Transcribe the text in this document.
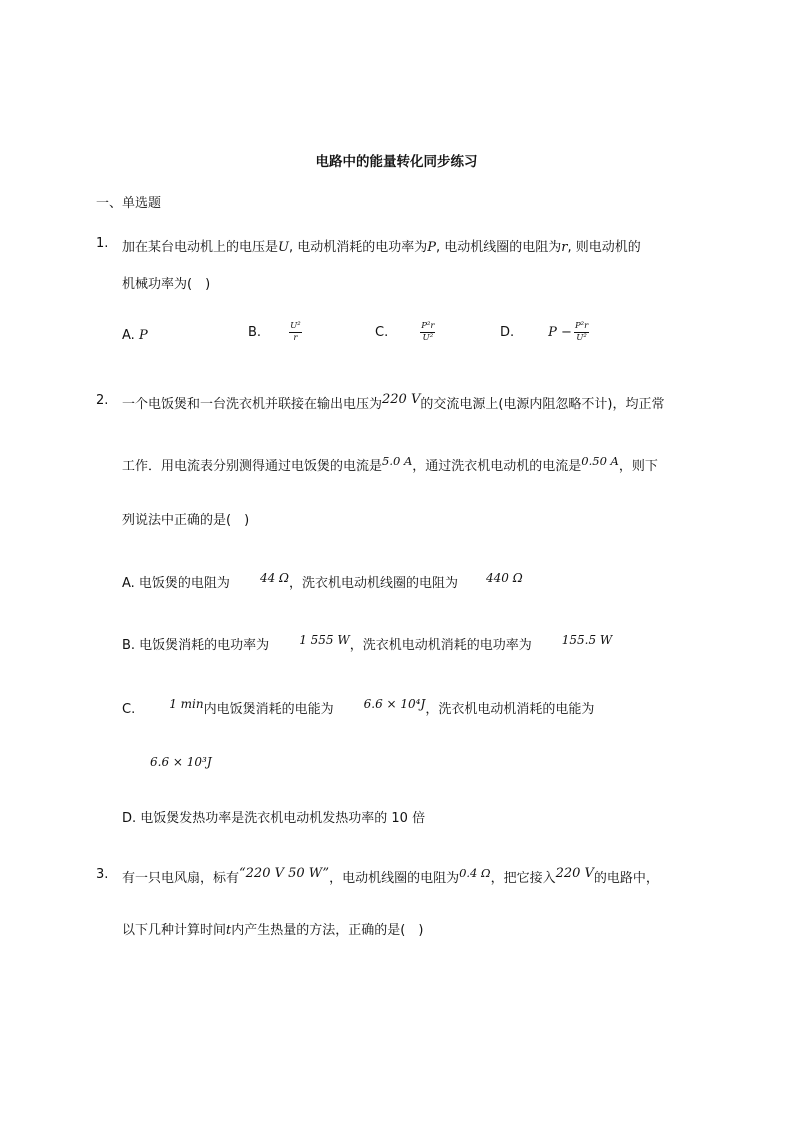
电路中的能量转化同步练习
一、单选题
1. 加在某台电动机上的电压是U, 电动机消耗的电功率为P, 电动机线圈的电阻为r, 则电动机的
机械功率为(　)
A. P	B.	$\frac{\text{U²}}{r}$	C.	$\frac{\text{P²r}}{\text{U²}}$	D.	$P - \frac{\text{P²r}}{\text{U²}}$
2. 一个电饭煲和一台洗衣机并联接在输出电压为220 V的交流电源上(电源内阻忽略不计)，均正常
工作．用电流表分别测得通过电饭煲的电流是5.0 A，通过洗衣机电动机的电流是0.50 A，则下
列说法中正确的是(　)
A. 电饭煲的电阻为	44 Ω，洗衣机电动机线圈的电阻为 440 Ω
B. 电饭煲消耗的电功率为	1 555 W，洗衣机电动机消耗的电功率为	155.5 W
C.	1 min内电饭煲消耗的电能为	6.6 × 10⁴J，洗衣机电动机消耗的电能为
6.6 × 10³J
D. 电饭煲发热功率是洗衣机电动机发热功率的 10 倍
3. 有一只电风扇，标有“220 V 50 W”，电动机线圈的电阻为0.4 Ω，把它接入220 V的电路中，
以下几种计算时间t内产生热量的方法，正确的是(　)
